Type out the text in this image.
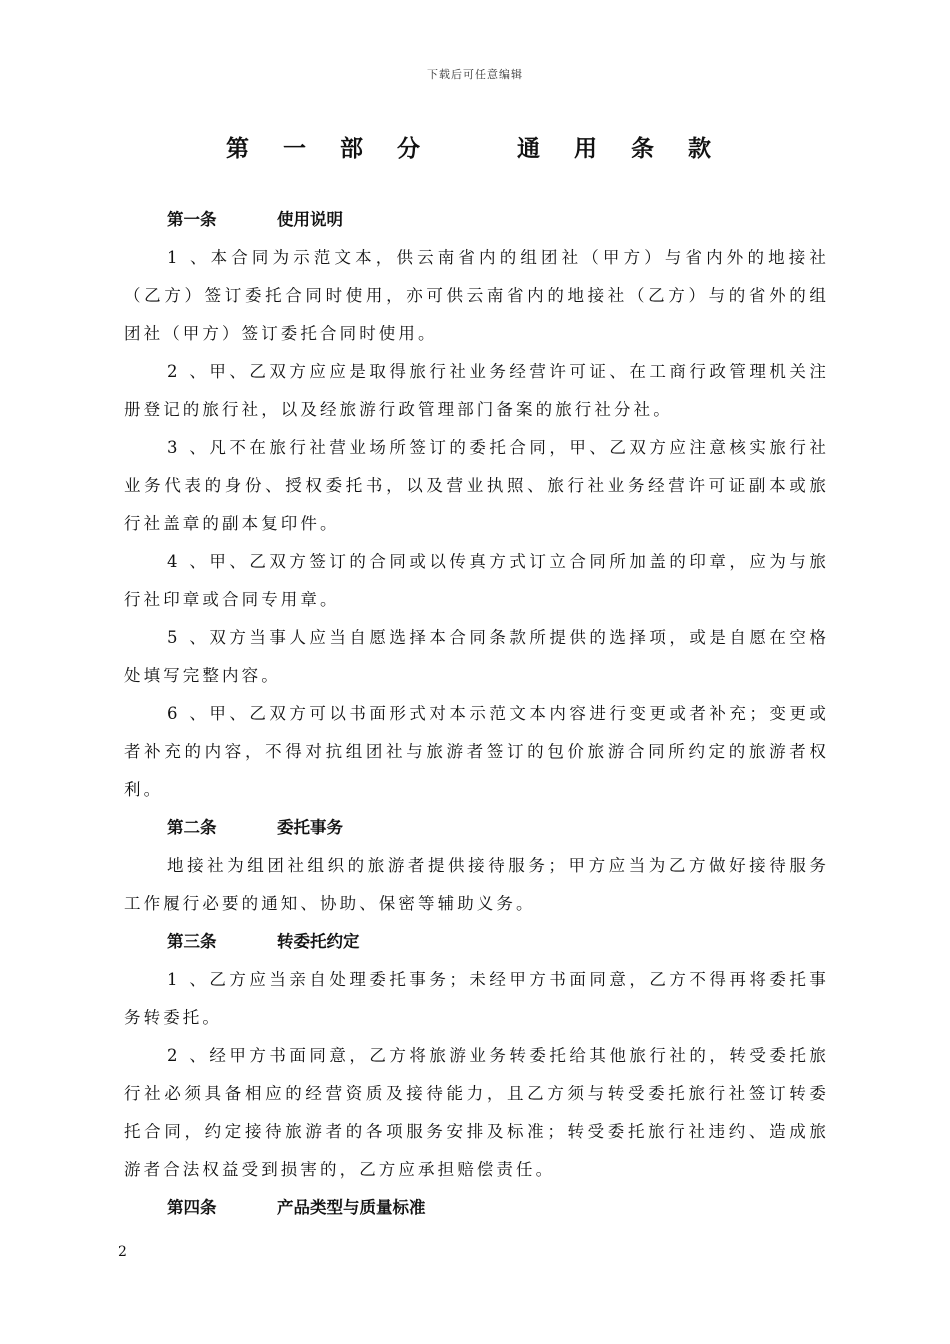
下载后可任意编辑
第 一 部 分    通 用 条 款
第一条	使用说明

1 、本合同为示范文本，供云南省内的组团社（甲方）与省内外的地接社（乙方）签订委托合同时使用，亦可供云南省内的地接社（乙方）与的省外的组团社（甲方）签订委托合同时使用。

2 、甲、乙双方应应是取得旅行社业务经营许可证、在工商行政管理机关注册登记的旅行社，以及经旅游行政管理部门备案的旅行社分社。

3 、凡不在旅行社营业场所签订的委托合同，甲、乙双方应注意核实旅行社业务代表的身份、授权委托书，以及营业执照、旅行社业务经营许可证副本或旅行社盖章的副本复印件。

4 、甲、乙双方签订的合同或以传真方式订立合同所加盖的印章，应为与旅行社印章或合同专用章。

5 、双方当事人应当自愿选择本合同条款所提供的选择项，或是自愿在空格处填写完整内容。

6 、甲、乙双方可以书面形式对本示范文本内容进行变更或者补充；变更或者补充的内容，不得对抗组团社与旅游者签订的包价旅游合同所约定的旅游者权利。

第二条	委托事务

地接社为组团社组织的旅游者提供接待服务；甲方应当为乙方做好接待服务工作履行必要的通知、协助、保密等辅助义务。

第三条	转委托约定

1 、乙方应当亲自处理委托事务；未经甲方书面同意，乙方不得再将委托事务转委托。

2 、经甲方书面同意，乙方将旅游业务转委托给其他旅行社的，转受委托旅行社必须具备相应的经营资质及接待能力，且乙方须与转受委托旅行社签订转委托合同，约定接待旅游者的各项服务安排及标准；转受委托旅行社违约、造成旅游者合法权益受到损害的，乙方应承担赔偿责任。

第四条	产品类型与质量标准
2
